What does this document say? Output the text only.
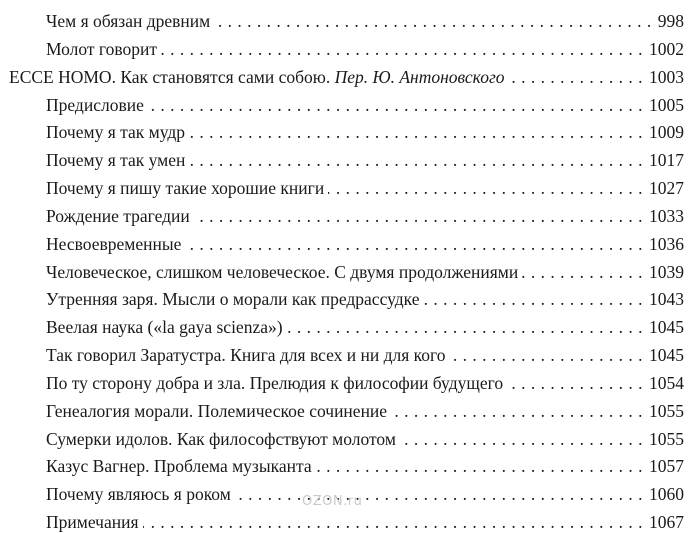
Чем я обязан древним . . .	998
Молот говорит . . .	1002
ECCE HOMO. Как становятся сами собою. Пер. Ю. Антоновского . . .	1003
Предисловие . . .	1005
Почему я так мудр . . .	1009
Почему я так умен . . .	1017
Почему я пишу такие хорошие книги . . .	1027
Рождение трагедии . . .	1033
Несвоевременные . . .	1036
Человеческое, слишком человеческое. С двумя продолжениями . . .	1039
Утренняя заря. Мысли о морали как предрассудке . . .	1043
Веелая наука («la gaya scienza») . . .	1045
Так говорил Заратустра. Книга для всех и ни для кого . . .	1045
По ту сторону добра и зла. Прелюдия к философии будущего . . .	1054
Генеалогия морали. Полемическое сочинение . . .	1055
Сумерки идолов. Как философствуют молотом . . .	1055
Казус Вагнер. Проблема музыканта . . .	1057
Почему являюсь я роком . . .	1060
Примечания . . .	1067
OZON.ru
